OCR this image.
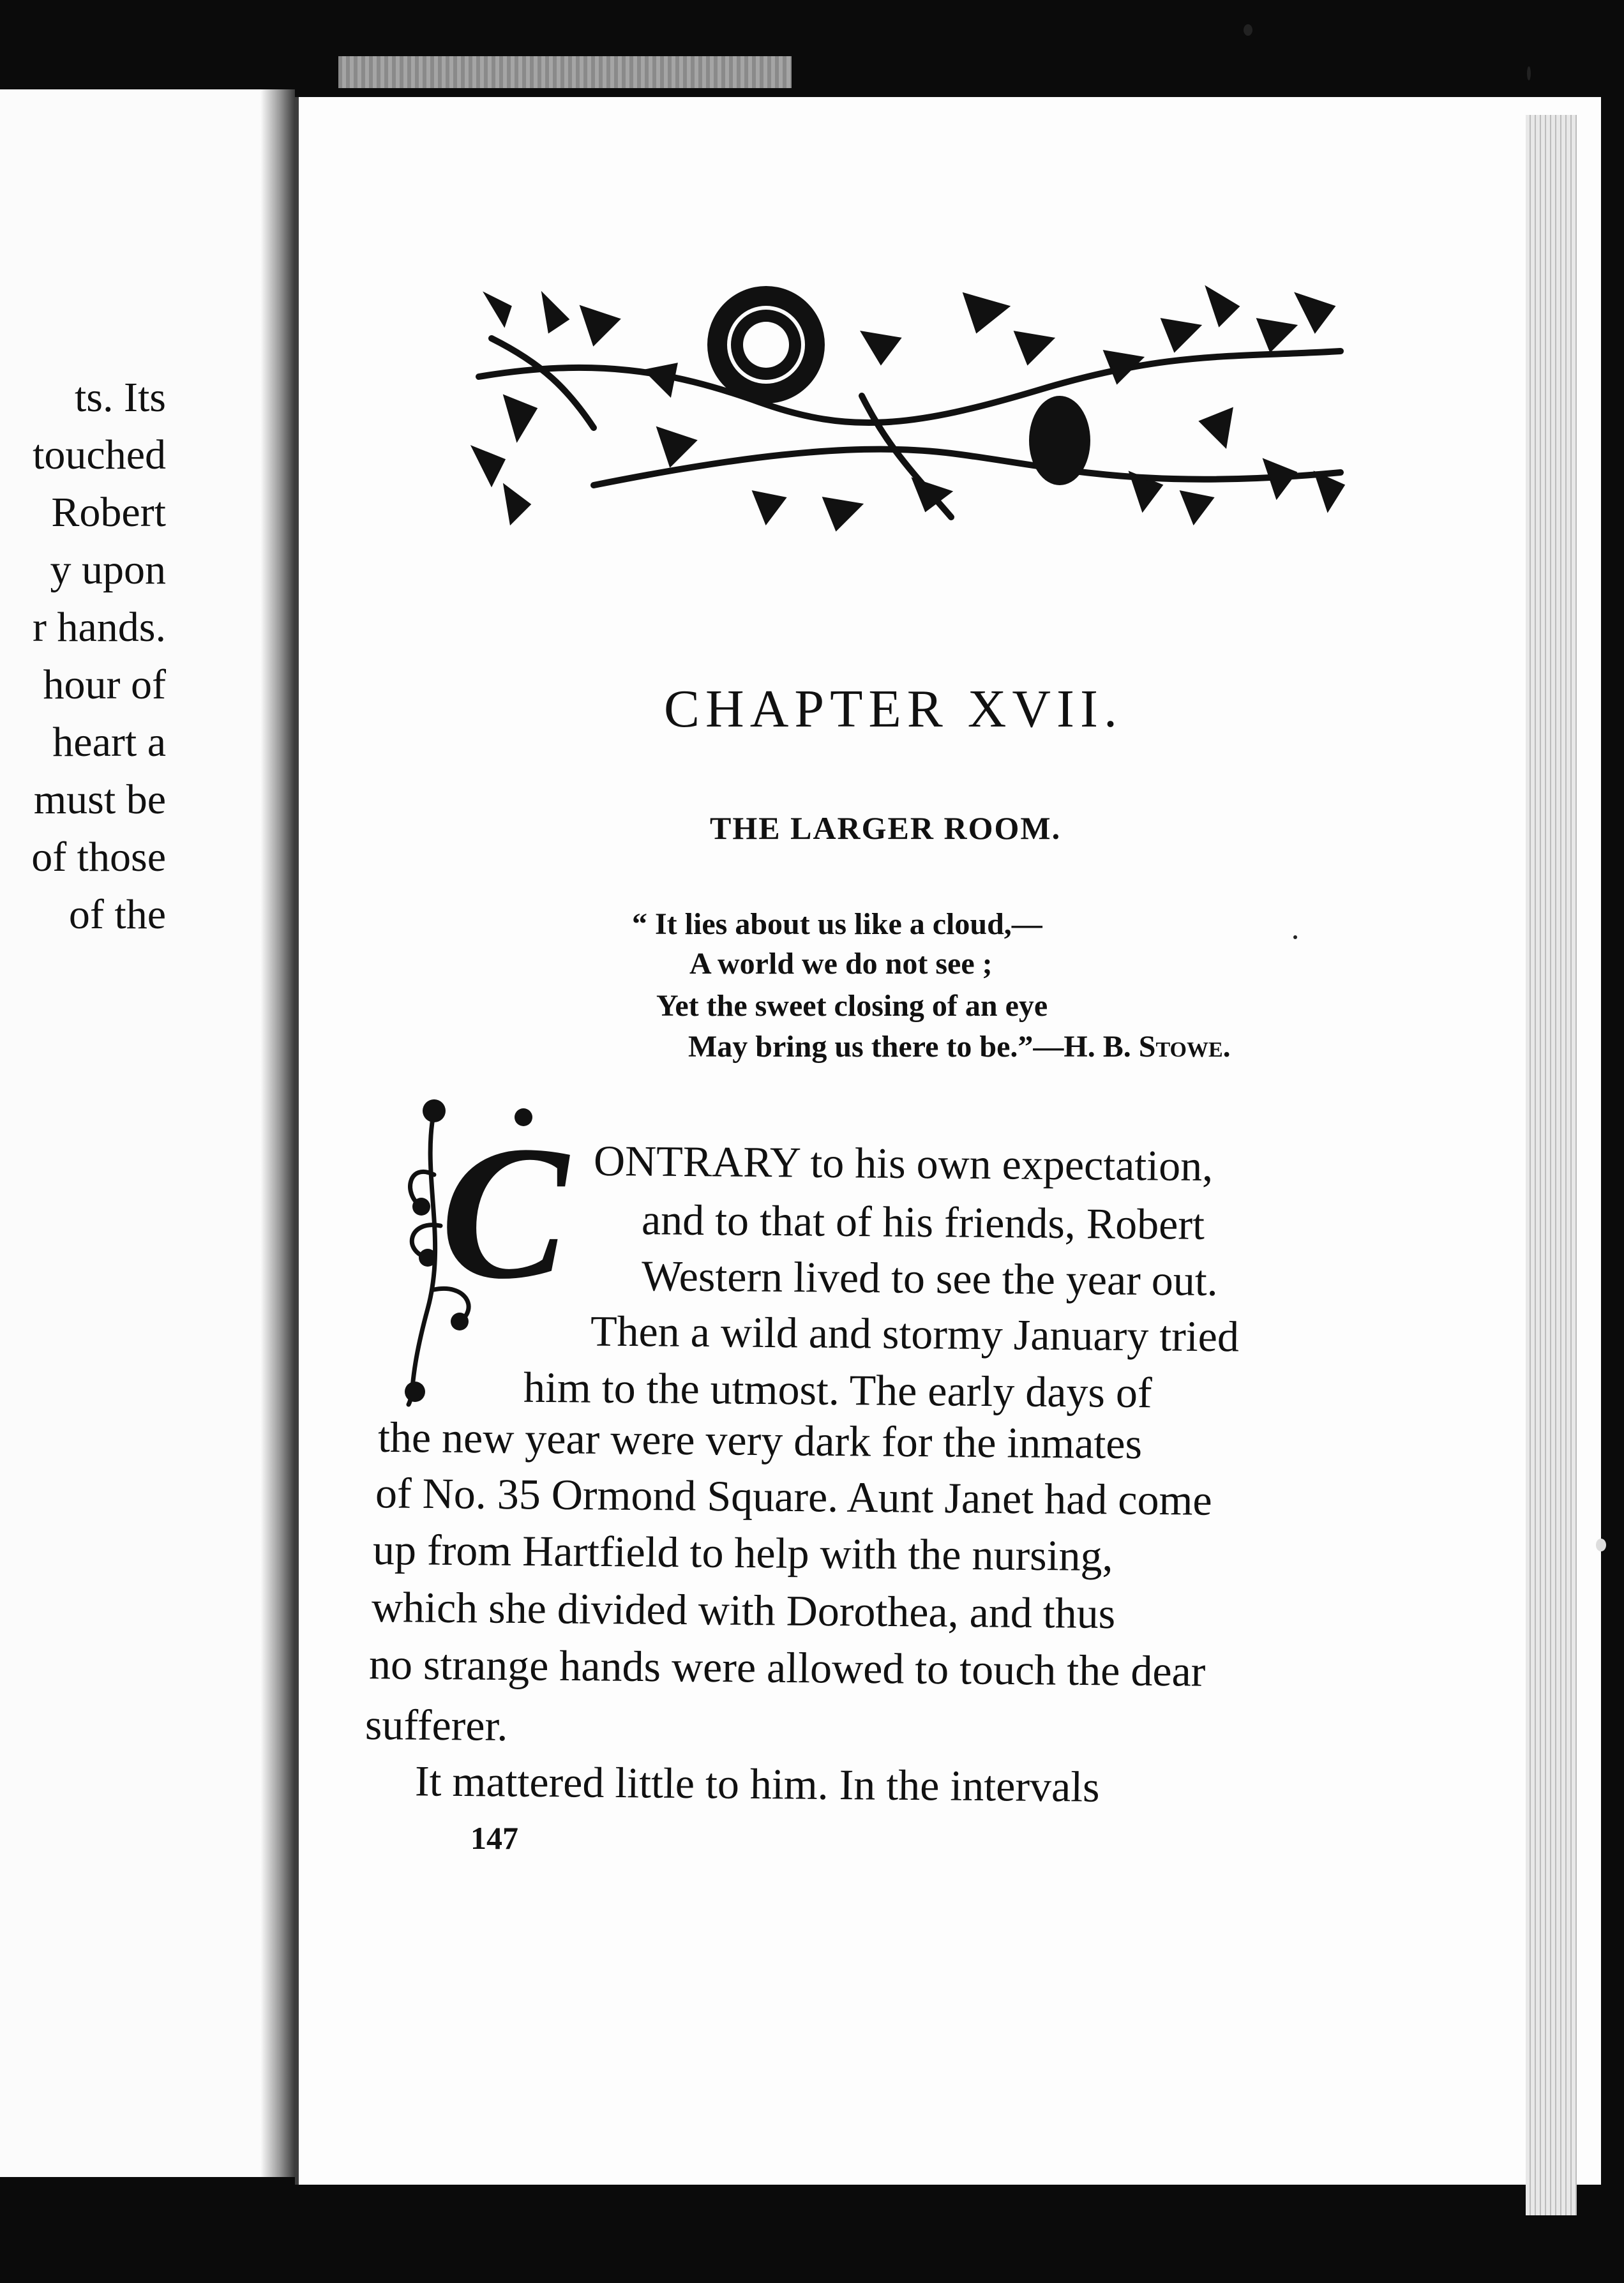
ts. Its
touched
Robert
y upon
r hands.
hour of
heart a
must be
of those
of the
CHAPTER XVII.
THE LARGER ROOM.
“ It lies about us like a cloud,—
A world we do not see ;
Yet the sweet closing of an eye
May bring us there to be.”—H. B. Stowe.
C ONTRARY to his own expectation,
and to that of his friends, Robert
Western lived to see the year out.
Then a wild and stormy January tried
him to the utmost. The early days of
the new year were very dark for the inmates
of No. 35 Ormond Square. Aunt Janet had come
up from Hartfield to help with the nursing,
which she divided with Dorothea, and thus
no strange hands were allowed to touch the dear
sufferer.
It mattered little to him. In the intervals
147
